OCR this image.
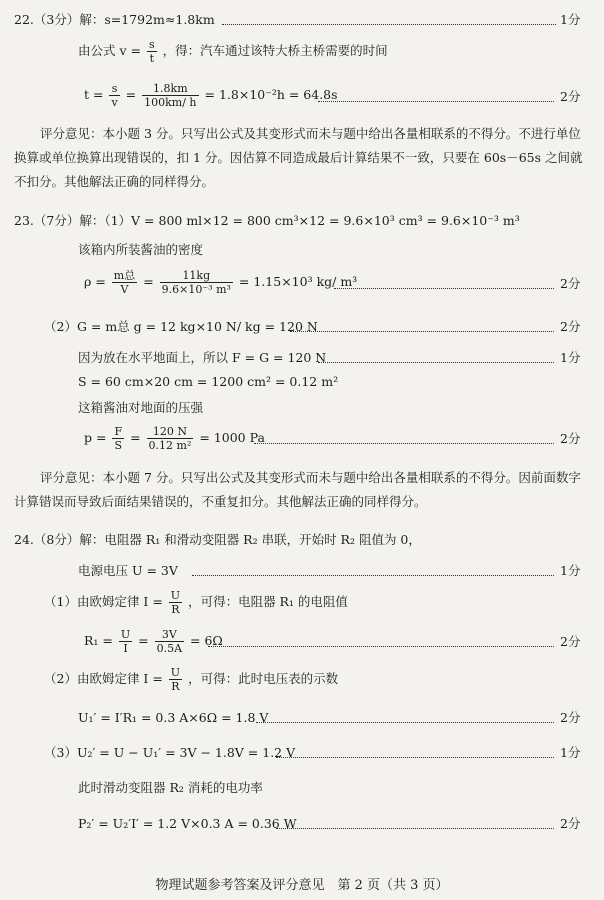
22.（3分）解：s=1792m≈1.8km	1分
由公式 $v = \frac{s}{t}$ ，得：汽车通过该特大桥主桥需要的时间
$t = \frac{s}{v} = \frac{1.8km}{100km/ h} = 1.8\times 10^{-2}h = 64.8s$	2分
评分意见：本小题 3 分。只写出公式及其变形式而未与题中给出各量相联系的不得分。不进行单位换算或单位换算出现错误的，扣 1 分。因估算不同造成最后计算结果不一致，只要在 60s－65s 之间就不扣分。其他解法正确的同样得分。
23.（7分）解：（1）V = 800 ml×12 = 800 cm³×12 = 9.6×10³ cm³ = 9.6×10⁻³ m³
该箱内所装酱油的密度
$\rho = \frac{\text{m总}}{V} = \frac{11kg}{\text{9.6×10⁻³ m³}} = 1.15\times 10^3$ kg/ m³	2分
（2）G = m总 g = 12 kg×10 N/ kg = 120 N	2分
因为放在水平地面上，所以 F = G = 120 N	1分
S = 60 cm×20 cm = 1200 cm² = 0.12 m²
这箱酱油对地面的压强
$p = \frac{F}{S} = \frac{120 N}{\text{0.12 m²}} = 1000$ Pa	2分
评分意见：本小题 7 分。只写出公式及其变形式而未与题中给出各量相联系的不得分。因前面数字计算错误而导致后面结果错误的，不重复扣分。其他解法正确的同样得分。
24.（8分）解：电阻器 R₁ 和滑动变阻器 R₂ 串联，开始时 R₂ 阻值为 0，
电源电压 U = 3V	1分
（1）由欧姆定律 $I = \frac{U}{R}$ ，可得：电阻器 R₁ 的电阻值
$R_1 = \frac{U}{I} = \frac{3V}{0.5A} = 6\Omega$	2分
（2）由欧姆定律 $I = \frac{U}{R}$ ，可得：此时电压表的示数
U₁′ = I′R₁ = 0.3 A×6Ω = 1.8 V	2分
（3）U₂′ = U − U₁′ = 3V − 1.8V = 1.2 V	1分
此时滑动变阻器 R₂ 消耗的电功率
P₂′ = U₂′I′ = 1.2 V×0.3 A = 0.36 W	2分
物理试题参考答案及评分意见　第 2 页（共 3 页）
